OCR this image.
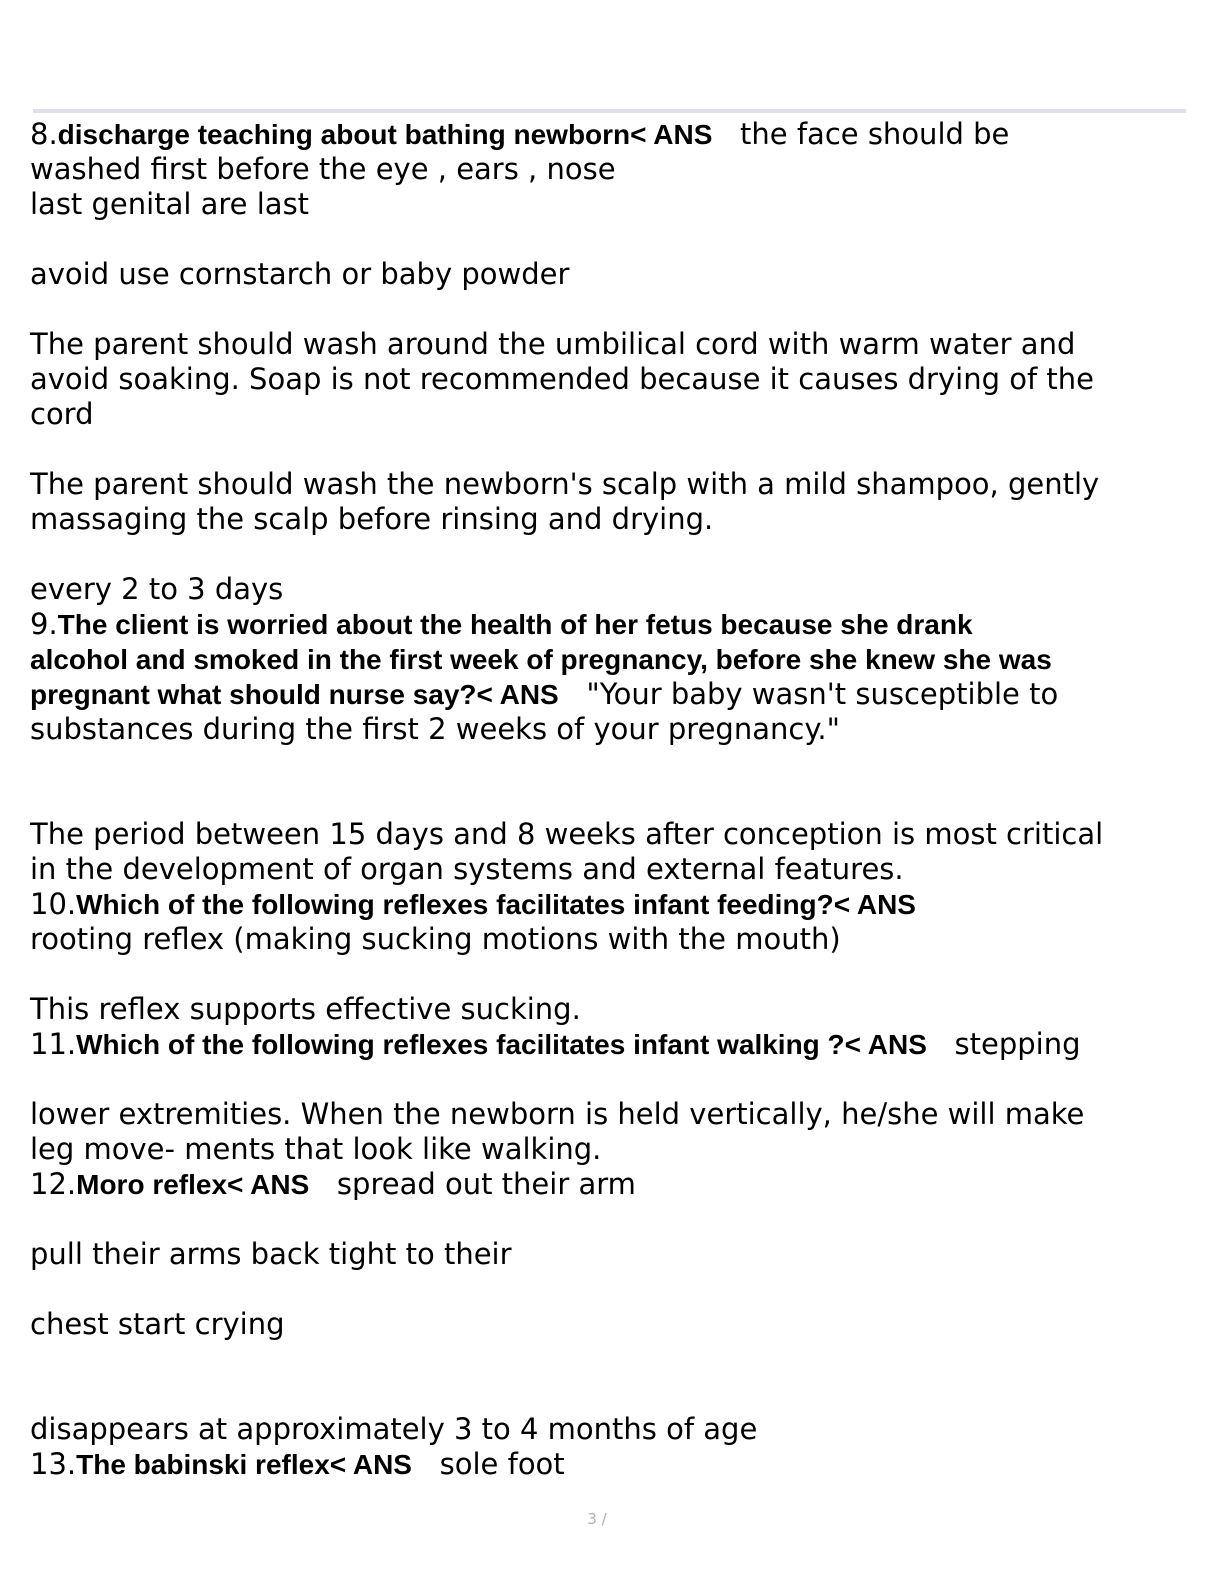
8.discharge teaching about bathing newborn< ANS the face should be
washed first before the eye , ears , nose
last genital are last
avoid use cornstarch or baby powder
The parent should wash around the umbilical cord with warm water and
avoid soaking. Soap is not recommended because it causes drying of the
cord
The parent should wash the newborn's scalp with a mild shampoo, gently
massaging the scalp before rinsing and drying.
every 2 to 3 days
9.The client is worried about the health of her fetus because she drank
alcohol and smoked in the first week of pregnancy, before she knew she was
pregnant what should nurse say?< ANS "Your baby wasn't susceptible to
substances during the first 2 weeks of your pregnancy."
The period between 15 days and 8 weeks after conception is most critical
in the development of organ systems and external features.
10.Which of the following reflexes facilitates infant feeding?< ANS
rooting reflex (making sucking motions with the mouth)
This reflex supports effective sucking.
11.Which of the following reflexes facilitates infant walking ?< ANS stepping
lower extremities. When the newborn is held vertically, he/she will make
leg move- ments that look like walking.
12.Moro reflex< ANS spread out their arm
pull their arms back tight to their
chest start crying
disappears at approximately 3 to 4 months of age
13.The babinski reflex< ANS sole foot
3 /
